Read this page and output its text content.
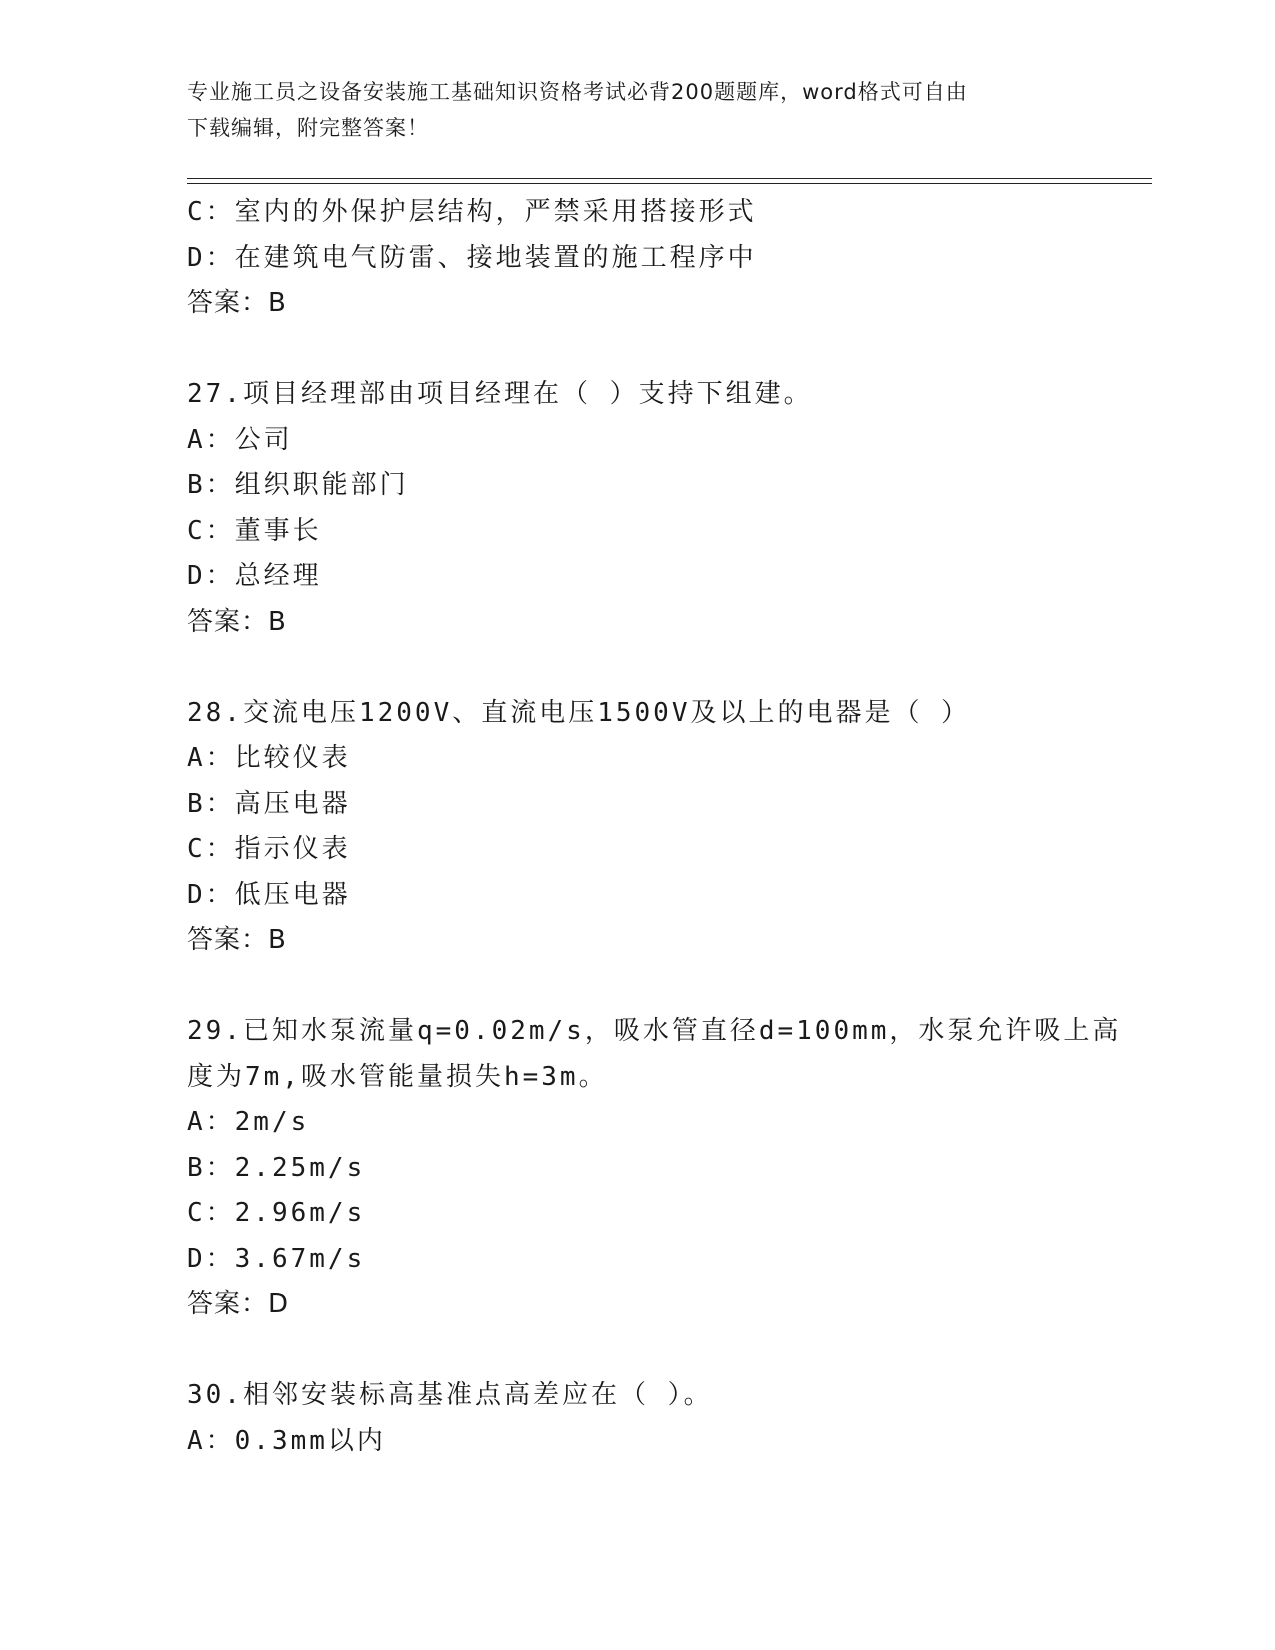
专业施工员之设备安装施工基础知识资格考试必背200题题库，word格式可自由
下载编辑，附完整答案！
C：室内的外保护层结构，严禁采用搭接形式
D：在建筑电气防雷、接地装置的施工程序中
答案：B
27.项目经理部由项目经理在（ ）支持下组建。
A：公司
B：组织职能部门
C：董事长
D：总经理
答案：B
28.交流电压1200V、直流电压1500V及以上的电器是（ ）
A：比较仪表
B：高压电器
C：指示仪表
D：低压电器
答案：B
29.已知水泵流量q=0.02m/s，吸水管直径d=100mm，水泵允许吸上高
度为7m,吸水管能量损失h=3m。
A：2m/s
B：2.25m/s
C：2.96m/s
D：3.67m/s
答案：D
30.相邻安装标高基准点高差应在（ ）。
A：0.3mm以内
